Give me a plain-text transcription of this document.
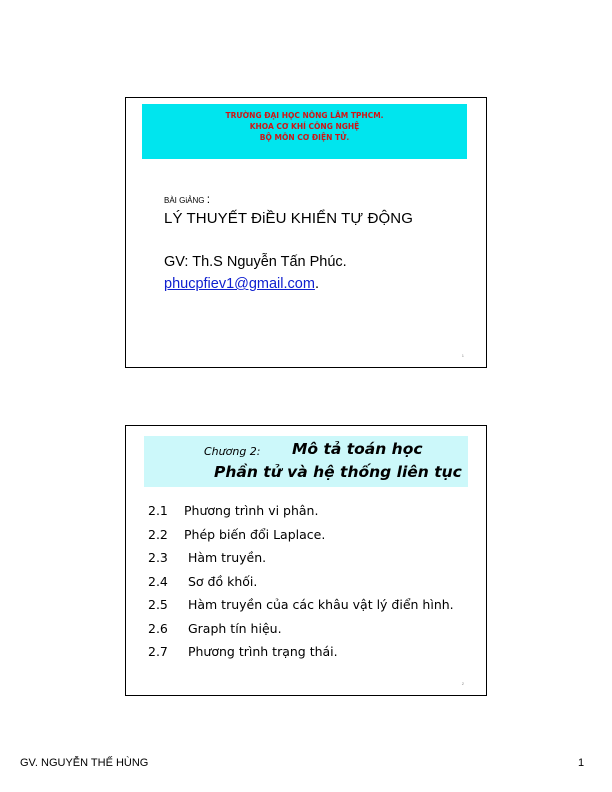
TRƯỜNG ĐẠI HỌC NÔNG LÂM TPHCM.
KHOA CƠ KHÍ CÔNG NGHỆ
BỘ MÔN CƠ ĐIỆN TỬ.
BÀI GiẢNG :
LÝ THUYẾT ĐiỀU KHIỂN TỰ ĐỘNG
GV: Th.S Nguyễn Tấn Phúc.
phucpfiev1@gmail.com.
1
Chương 2: Mô tả toán học
Phần tử và hệ thống liên tục
2.1 Phương trình vi phân.
2.2 Phép biến đổi Laplace.
2.3 Hàm truyền.
2.4 Sơ đồ khối.
2.5 Hàm truyền của các khâu vật lý điển hình.
2.6 Graph tín hiệu.
2.7 Phương trình trạng thái.
2
GV. NGUYỄN THẾ HÙNG	1
